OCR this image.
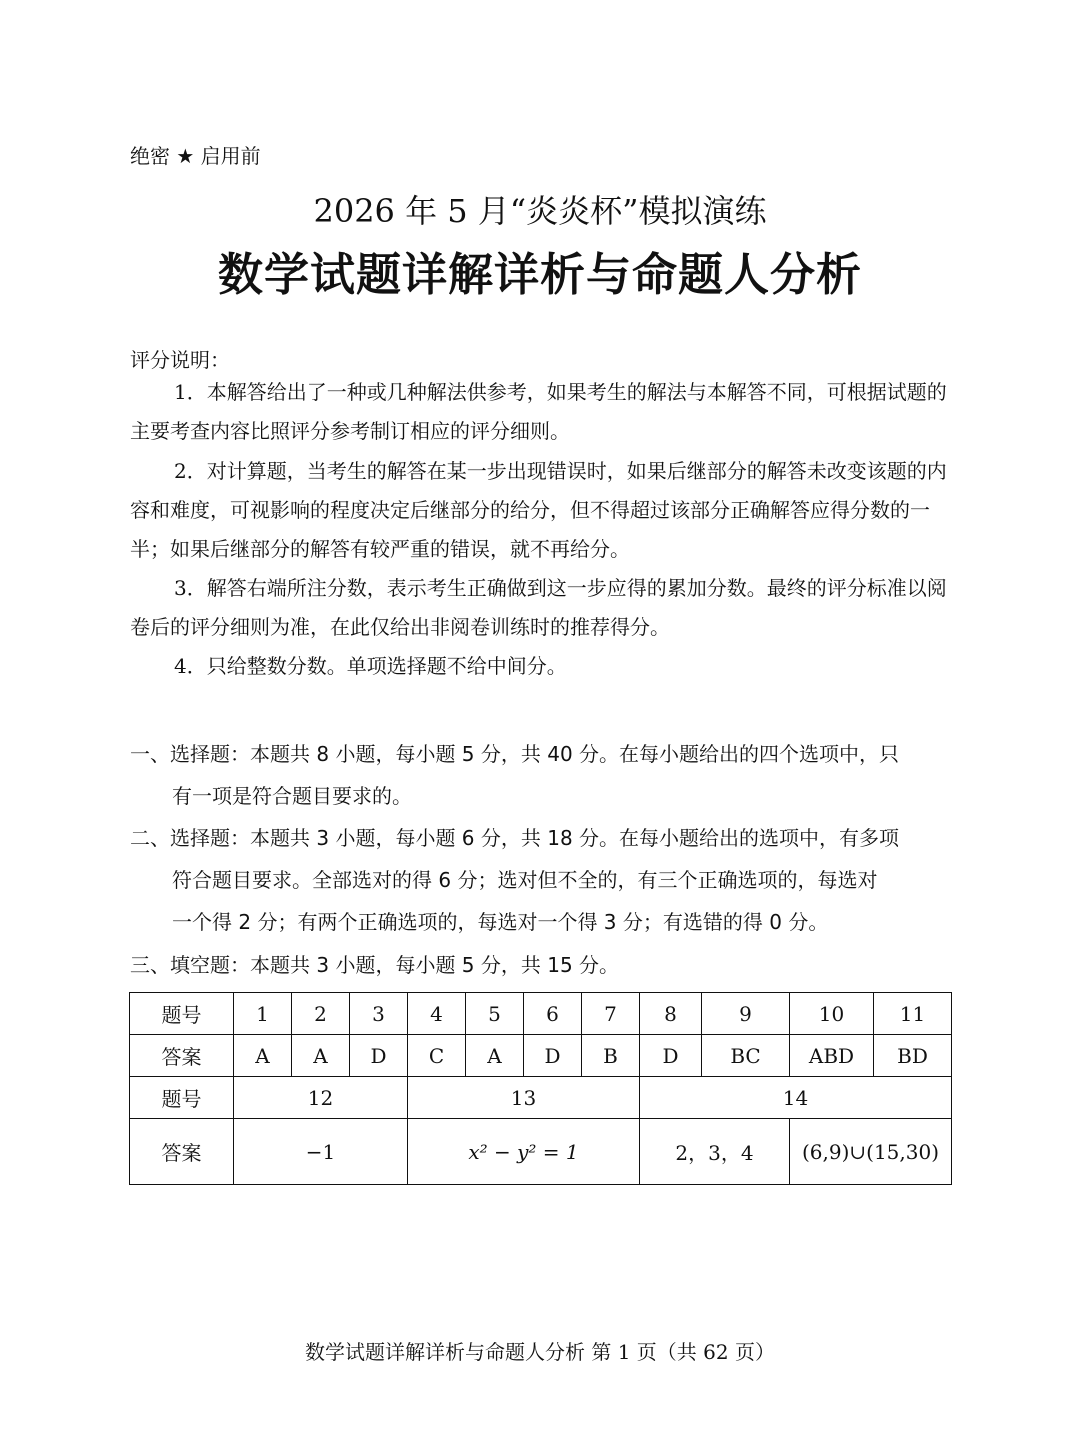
绝密 ★ 启用前
2026 年 5 月“炎炎杯”模拟演练
数学试题详解详析与命题人分析
评分说明：
1．本解答给出了一种或几种解法供参考，如果考生的解法与本解答不同，可根据试题的主要考查内容比照评分参考制订相应的评分细则。
2．对计算题，当考生的解答在某一步出现错误时，如果后继部分的解答未改变该题的内容和难度，可视影响的程度决定后继部分的给分，但不得超过该部分正确解答应得分数的一半；如果后继部分的解答有较严重的错误，就不再给分。
3．解答右端所注分数，表示考生正确做到这一步应得的累加分数。最终的评分标准以阅卷后的评分细则为准，在此仅给出非阅卷训练时的推荐得分。
4．只给整数分数。单项选择题不给中间分。
一、选择题：本题共 8 小题，每小题 5 分，共 40 分。在每小题给出的四个选项中，只
有一项是符合题目要求的。
二、选择题：本题共 3 小题，每小题 6 分，共 18 分。在每小题给出的选项中，有多项
符合题目要求。全部选对的得 6 分；选对但不全的，有三个正确选项的，每选对
一个得 2 分；有两个正确选项的，每选对一个得 3 分；有选错的得 0 分。
三、填空题：本题共 3 小题，每小题 5 分，共 15 分。
题号	1	2	3	4	5	6	7	8	9	10	11
答案	A	A	D	C	A	D	B	D	BC	ABD	BD
题号	12			13				14			
答案	−1			x² − y² = 1				2，3，4		(6,9)∪(15,30)	
数学试题详解详析与命题人分析 第 1 页（共 62 页）
